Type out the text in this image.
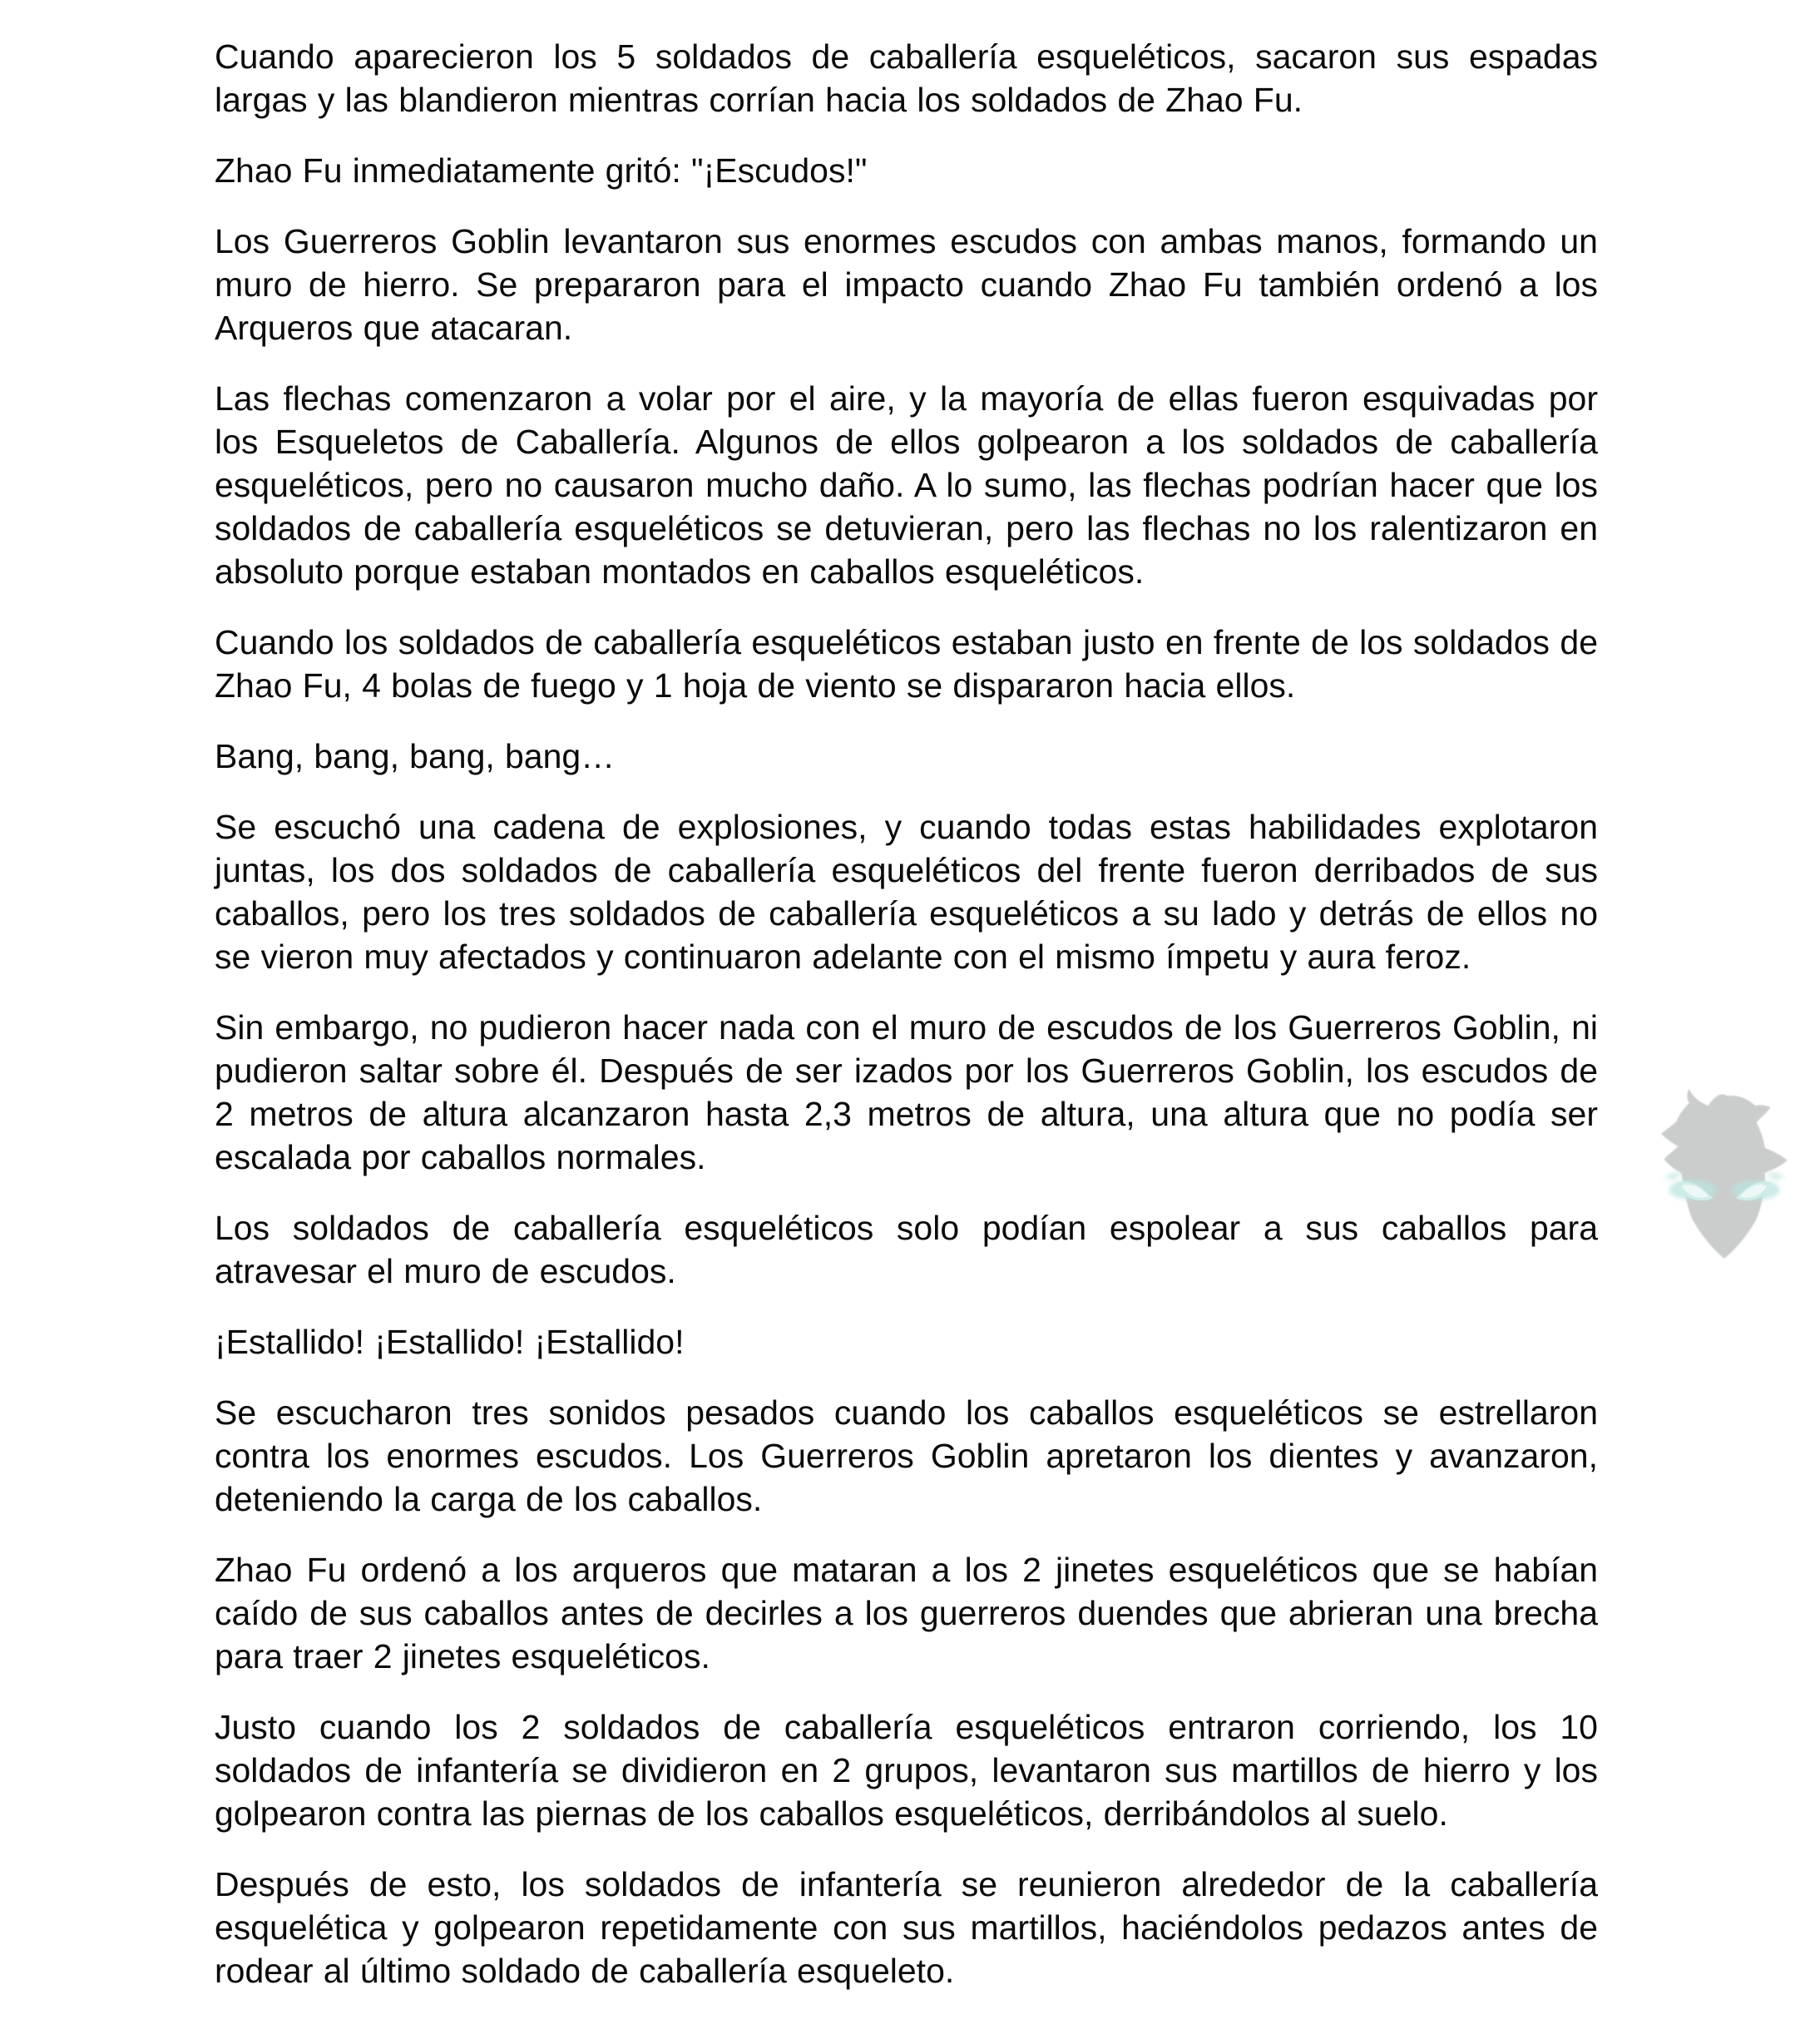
Cuando aparecieron los 5 soldados de caballería esqueléticos, sacaron sus espadas largas y las blandieron mientras corrían hacia los soldados de Zhao Fu.

Zhao Fu inmediatamente gritó: "¡Escudos!"

Los Guerreros Goblin levantaron sus enormes escudos con ambas manos, formando un muro de hierro. Se prepararon para el impacto cuando Zhao Fu también ordenó a los Arqueros que atacaran.

Las flechas comenzaron a volar por el aire, y la mayoría de ellas fueron esquivadas por los Esqueletos de Caballería. Algunos de ellos golpearon a los soldados de caballería esqueléticos, pero no causaron mucho daño. A lo sumo, las flechas podrían hacer que los soldados de caballería esqueléticos se detuvieran, pero las flechas no los ralentizaron en absoluto porque estaban montados en caballos esqueléticos.

Cuando los soldados de caballería esqueléticos estaban justo en frente de los soldados de Zhao Fu, 4 bolas de fuego y 1 hoja de viento se dispararon hacia ellos.

Bang, bang, bang, bang…

Se escuchó una cadena de explosiones, y cuando todas estas habilidades explotaron juntas, los dos soldados de caballería esqueléticos del frente fueron derribados de sus caballos, pero los tres soldados de caballería esqueléticos a su lado y detrás de ellos no se vieron muy afectados y continuaron adelante con el mismo ímpetu y aura feroz.

Sin embargo, no pudieron hacer nada con el muro de escudos de los Guerreros Goblin, ni pudieron saltar sobre él. Después de ser izados por los Guerreros Goblin, los escudos de 2 metros de altura alcanzaron hasta 2,3 metros de altura, una altura que no podía ser escalada por caballos normales.

Los soldados de caballería esqueléticos solo podían espolear a sus caballos para atravesar el muro de escudos.

¡Estallido! ¡Estallido! ¡Estallido!

Se escucharon tres sonidos pesados cuando los caballos esqueléticos se estrellaron contra los enormes escudos. Los Guerreros Goblin apretaron los dientes y avanzaron, deteniendo la carga de los caballos.

Zhao Fu ordenó a los arqueros que mataran a los 2 jinetes esqueléticos que se habían caído de sus caballos antes de decirles a los guerreros duendes que abrieran una brecha para traer 2 jinetes esqueléticos.

Justo cuando los 2 soldados de caballería esqueléticos entraron corriendo, los 10 soldados de infantería se dividieron en 2 grupos, levantaron sus martillos de hierro y los golpearon contra las piernas de los caballos esqueléticos, derribándolos al suelo.

Después de esto, los soldados de infantería se reunieron alrededor de la caballería esquelética y golpearon repetidamente con sus martillos, haciéndolos pedazos antes de rodear al último soldado de caballería esqueleto.
